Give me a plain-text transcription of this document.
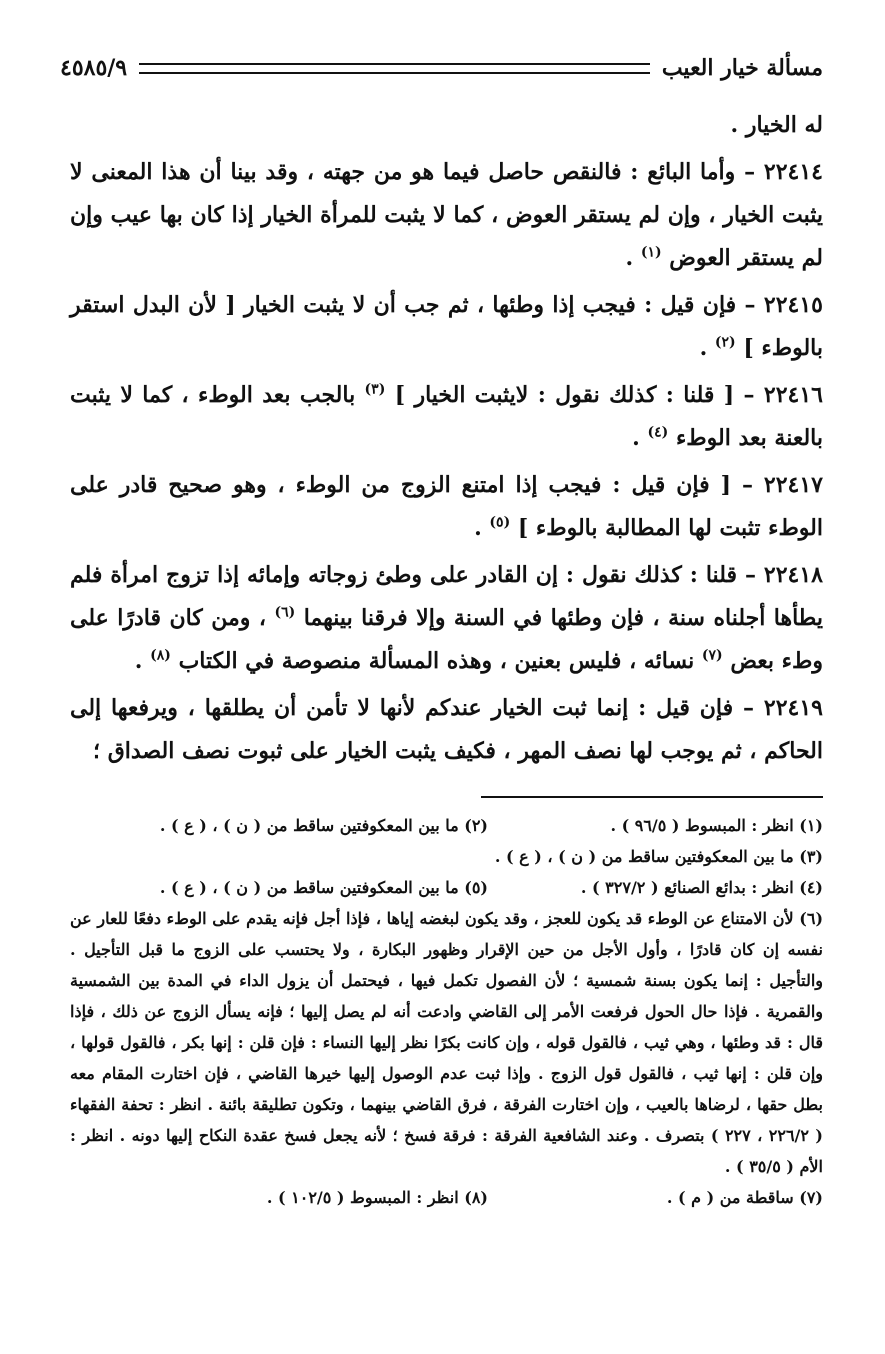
مسألة خيار العيب
٤٥٨٥/٩

له الخيار .

٢٢٤١٤ – وأما البائع : فالنقص حاصل فيما هو من جهته ، وقد بينا أن هذا المعنى لا يثبت الخيار ، وإن لم يستقر العوض ، كما لا يثبت للمرأة الخيار إذا كان بها عيب وإن لم يستقر العوض $^{(١)}$ .

٢٢٤١٥ – فإن قيل : فيجب إذا وطئها ، ثم جب أن لا يثبت الخيار [ لأن البدل استقر بالوطء ] $^{(٢)}$ .

٢٢٤١٦ – [ قلنا : كذلك نقول : لايثبت الخيار ] $^{(٣)}$ بالجب بعد الوطء ، كما لا يثبت بالعنة بعد الوطء $^{(٤)}$ .

٢٢٤١٧ – [ فإن قيل : فيجب إذا امتنع الزوج من الوطء ، وهو صحيح قادر على الوطء تثبت لها المطالبة بالوطء ] $^{(٥)}$ .

٢٢٤١٨ – قلنا : كذلك نقول : إن القادر على وطئ زوجاته وإمائه إذا تزوج امرأة فلم يطأها أجلناه سنة ، فإن وطئها في السنة وإلا فرقنا بينهما $^{(٦)}$ ، ومن كان قادرًا على وطء بعض $^{(٧)}$ نسائه ، فليس بعنين ، وهذه المسألة منصوصة في الكتاب $^{(٨)}$ .

٢٢٤١٩ – فإن قيل : إنما ثبت الخيار عندكم لأنها لا تأمن أن يطلقها ، ويرفعها إلى الحاكم ، ثم يوجب لها نصف المهر ، فكيف يثبت الخيار على ثبوت نصف الصداق ؛

(١) انظر : المبسوط ( ٩٦/٥ ) .
(٢) ما بين المعكوفتين ساقط من ( ن ) ، ( ع ) .
(٣) ما بين المعكوفتين ساقط من ( ن ) ، ( ع ) .
(٤) انظر : بدائع الصنائع ( ٣٢٧/٢ ) .
(٥) ما بين المعكوفتين ساقط من ( ن ) ، ( ع ) .

(٦) لأن الامتناع عن الوطء قد يكون للعجز ، وقد يكون لبغضه إياها ، فإذا أجل فإنه يقدم على الوطء دفعًا للعار عن نفسه إن كان قادرًا ، وأول الأجل من حين الإقرار وظهور البكارة ، ولا يحتسب على الزوج ما قبل التأجيل . والتأجيل : إنما يكون بسنة شمسية ؛ لأن الفصول تكمل فيها ، فيحتمل أن يزول الداء في المدة بين الشمسية والقمرية . فإذا حال الحول فرفعت الأمر إلى القاضي وادعت أنه لم يصل إليها ؛ فإنه يسأل الزوج عن ذلك ، فإذا قال : قد وطئها ، وهي ثيب ، فالقول قوله ، وإن كانت بكرًا نظر إليها النساء : فإن قلن : إنها بكر ، فالقول قولها ، وإن قلن : إنها ثيب ، فالقول قول الزوج . وإذا ثبت عدم الوصول إليها خيرها القاضي ، فإن اختارت المقام معه بطل حقها ، لرضاها بالعيب ، وإن اختارت الفرقة ، فرق القاضي بينهما ، وتكون تطليقة بائنة . انظر : تحفة الفقهاء ( ٢٢٦/٢ ، ٢٢٧ ) بتصرف . وعند الشافعية الفرقة : فرقة فسخ ؛ لأنه يجعل فسخ عقدة النكاح إليها دونه . انظر : الأم ( ٣٥/٥ ) .

(٧) ساقطة من ( م ) .
(٨) انظر : المبسوط ( ١٠٢/٥ ) .
